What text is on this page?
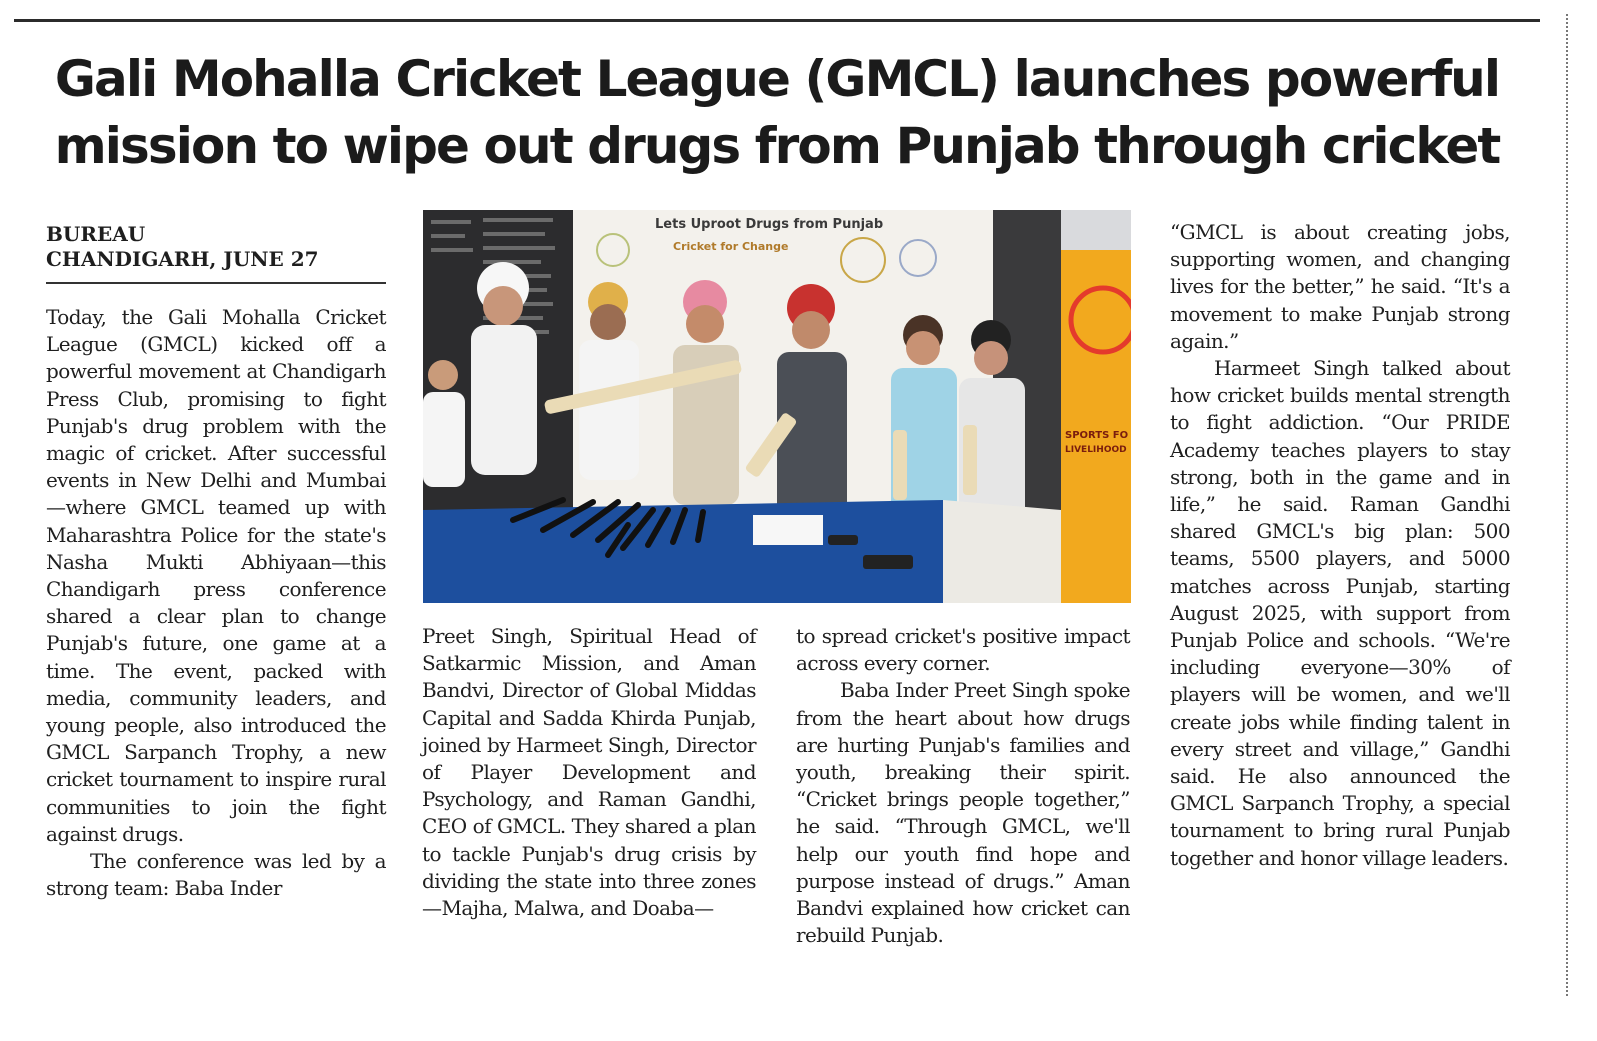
Gali Mohalla Cricket League (GMCL) launches powerful
mission to wipe out drugs from Punjab through cricket
BUREAU
CHANDIGARH, JUNE 27

Today, the Gali Mohalla Cricket League (GMCL) kicked off a powerful movement at Chandigarh Press Club, promising to fight Punjab's drug problem with the magic of cricket. After successful events in New Delhi and Mumbai—where GMCL teamed up with Maharashtra Police for the state's Nasha Mukti Abhiyaan—this Chandigarh press conference shared a clear plan to change Punjab's future, one game at a time. The event, packed with media, community leaders, and young people, also introduced the GMCL Sarpanch Trophy, a new cricket tournament to inspire rural communities to join the fight against drugs.

The conference was led by a strong team: Baba Inder

Lets Uproot Drugs from Punjab
Cricket for Change
SPORTS FO
LIVELIHOOD

Preet Singh, Spiritual Head of Satkarmic Mission, and Aman Bandvi, Director of Global Middas Capital and Sadda Khirda Punjab, joined by Harmeet Singh, Director of Player Development and Psychology, and Raman Gandhi, CEO of GMCL. They shared a plan to tackle Punjab's drug crisis by dividing the state into three zones—Majha, Malwa, and Doaba—

to spread cricket's positive impact across every corner.

Baba Inder Preet Singh spoke from the heart about how drugs are hurting Punjab's families and youth, breaking their spirit. “Cricket brings people together,” he said. “Through GMCL, we'll help our youth find hope and purpose instead of drugs.” Aman Bandvi explained how cricket can rebuild Punjab.

“GMCL is about creating jobs, supporting women, and changing lives for the better,” he said. “It's a movement to make Punjab strong again.”

Harmeet Singh talked about how cricket builds mental strength to fight addiction. “Our PRIDE Academy teaches players to stay strong, both in the game and in life,” he said. Raman Gandhi shared GMCL's big plan: 500 teams, 5500 players, and 5000 matches across Punjab, starting August 2025, with support from Punjab Police and schools. “We're including everyone—30% of players will be women, and we'll create jobs while finding talent in every street and village,” Gandhi said. He also announced the GMCL Sarpanch Trophy, a special tournament to bring rural Punjab together and honor village leaders.
